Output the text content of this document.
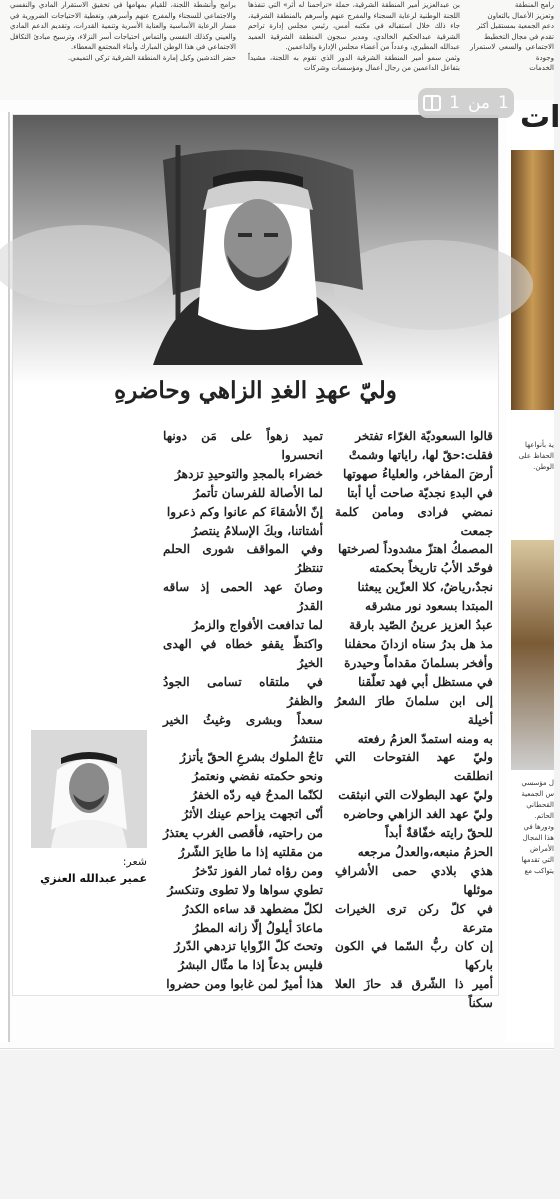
رامج المنطقة
وتعزيز الأعمال بالتعاون
دعم الجمعية بمستقبل أكثر
تقدم في مجال التخطيط
الاجتماعي والسعي لاستمرار وجودة
الخدمات
بن عبدالعزيز أمير المنطقة الشرقية، حملة «تراحمنا له أثر» التي تنفذها اللجنة الوطنية لرعاية السجناء والمفرج عنهم وأسرهم بالمنطقة الشرقية، جاء ذلك خلال استقباله في مكتبه أمس، رئيس مجلس إدارة تراحم الشرقية عبدالحكيم الخالدي، ومدير سجون المنطقة الشرقية العميد عبدالله المطيري، وعدداً من أعضاء مجلس الإدارة والداعمين.
وثمن سمو أمير المنطقة الشرقية الدور الذي تقوم به اللجنة، مشيداً بتفاعل الداعمين من رجال أعمال ومؤسسات وشركات
برامج وأنشطة اللجنة، للقيام بمهامها في تحقيق الاستقرار المادي والنفسي والاجتماعي للسجناء والمفرج عنهم وأسرهم، وتغطية الاحتياجات الضرورية في مسار الرعاية الأساسية والعناية الأسرية وتنمية القدرات، وتقديم الدعم المادي والعيني وكذلك النفسي والتماس احتياجات أسر النزلاء، وترسيخ مبادئ التكافل الاجتماعي في هذا الوطن المبارك وأبناء المجتمع المعطاء.
حضر التدشين وكيل إمارة المنطقة الشرقية تركي التميمي.
ات
ية بأنواعها
الحفاظ على
الوطن.
ل مؤسسي
س الجمعية
القحطاني
الحاتم.
ودورها في
هذا المجال
الأمراض
التي تقدمها
يتواكب مع
وليّ عهدِ الغدِ الزاهي وحاضرهِ
قالوا السعوديّة الغرّاء تفتخر
فقلت:حقّ لها، راياتها وشمتْ
أرضَ المفاخر، والعلياءُ صهوتها
في البدءِ نجديّة صاحت أيا أبتا
نمضي فرادى ومامن كلمة جمعت
المصمكُ اهتزّ مشدوداً لصرختها
فوحّد الأبُ تاريخاً بحكمته
نجدٌ،رياضٌ، كلا العزّين يبعثنا
المبتدا بسعود نور مشرقه
عبدُ العزيز عرينُ الصّيد بارقة
مذ هل بدرُ سناه ازدانَ محفلنا
وأفخر بسلمانَ مقداماً وحيدرة
في مستظل أبي فهد تعلّقنا
إلى ابن سلمانَ طارَ الشعرُ أخيلة
به ومنه استمدّ العزمُ رفعته
وليّ عهد الفتوحات التي انطلقت
وليّ عهد البطولات التي انبثقت
وليّ عهد الغد الزاهي وحاضره
للحقّ رايته خفّاقةٌ أبداً
الحزمُ منبعه،والعدلُ مرجعه
هذي بلادي حمى الأشرافِ موئلها
في كلّ ركن ترى الخيرات مترعة
إن كان ربُّ السّما في الكون باركها
أمير ذا الشّرق قد حازَ العلا سكناً
تميد زهواً على مَن دونها انحسروا
خضراء بالمجدِ والتوحيدِ تزدهرُ
لما الأصالة للفرسان تأتمرُ
إنّ الأشقاءَ كم عانوا وكم ذعروا
أشتاتنا، وبكَ الإسلامُ ينتصرُ
وفي المواقف شورى الحلم تنتظرُ
وصانَ عهد الحمى إذ ساقه القدرُ
لما تدافعت الأفواج والزمرُ
واكتظّ يقفو خطاه في الهدى الخيرُ
في ملتقاه تسامى الجودُ والظفرُ
سعداً وبشرى وغيثُ الخير منتشرُ
تاجُ الملوك بشرعِ الحقّ يأتزرُ
ونحو حكمته نفضي ونعتمرُ
لكنّما المدحُ فيه ردّه الخفرُ
أنّى اتجهت يزاحم عينك الأثرُ
من راحتيه، فأقصى الغرب يعتذرُ
من مقلتيه إذا ما طايرَ الشّررُ
ومن رؤاه ثمار الفوز تدّخرُ
تطوي سواها ولا تطوى وتنكسرُ
لكلّ مضطهد قد ساءه الكدرُ
ماعادَ أيلولُ إلّا زانه المطرُ
وتحتَ كلّ الزّوايا تزدهي الدّررُ
فليس بدعاً إذا ما مثّال البشرُ
هذا أميرٌ لمن غابوا ومن حضروا
شعر:
عمير عبدالله العنزي
1 من 1
